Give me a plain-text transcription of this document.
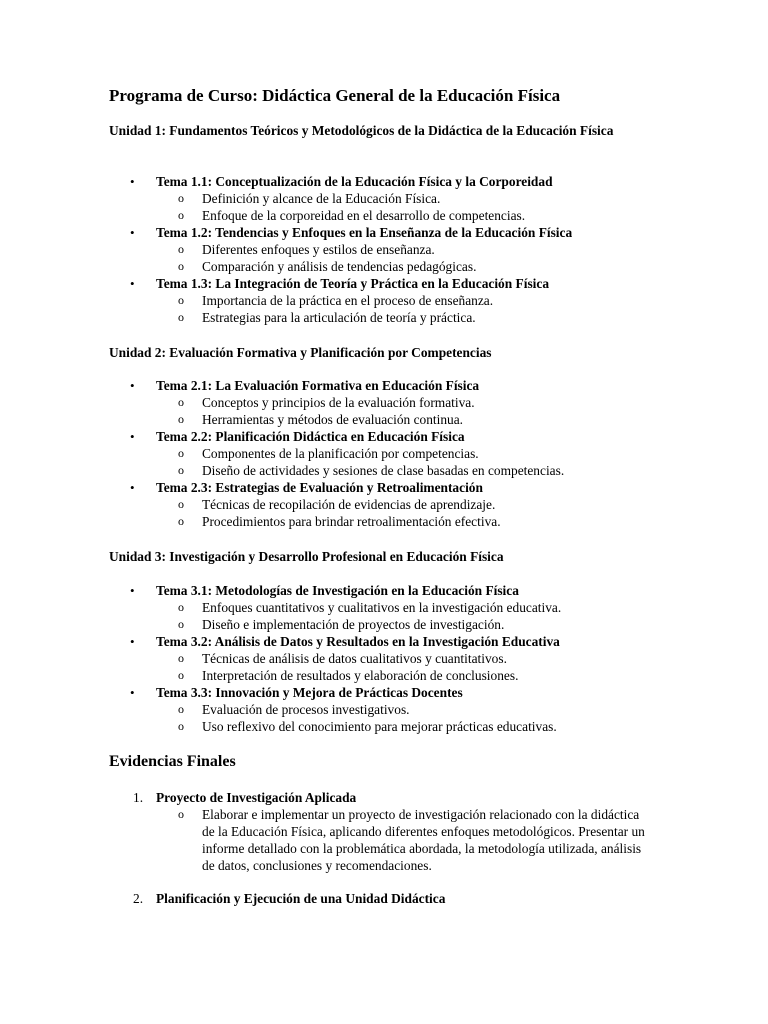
Programa de Curso: Didáctica General de la Educación Física
Unidad 1: Fundamentos Teóricos y Metodológicos de la Didáctica de la Educación Física
• Tema 1.1: Conceptualización de la Educación Física y la Corporeidad
o Definición y alcance de la Educación Física.
o Enfoque de la corporeidad en el desarrollo de competencias.
• Tema 1.2: Tendencias y Enfoques en la Enseñanza de la Educación Física
o Diferentes enfoques y estilos de enseñanza.
o Comparación y análisis de tendencias pedagógicas.
• Tema 1.3: La Integración de Teoría y Práctica en la Educación Física
o Importancia de la práctica en el proceso de enseñanza.
o Estrategias para la articulación de teoría y práctica.
Unidad 2: Evaluación Formativa y Planificación por Competencias
• Tema 2.1: La Evaluación Formativa en Educación Física
o Conceptos y principios de la evaluación formativa.
o Herramientas y métodos de evaluación continua.
• Tema 2.2: Planificación Didáctica en Educación Física
o Componentes de la planificación por competencias.
o Diseño de actividades y sesiones de clase basadas en competencias.
• Tema 2.3: Estrategias de Evaluación y Retroalimentación
o Técnicas de recopilación de evidencias de aprendizaje.
o Procedimientos para brindar retroalimentación efectiva.
Unidad 3: Investigación y Desarrollo Profesional en Educación Física
• Tema 3.1: Metodologías de Investigación en la Educación Física
o Enfoques cuantitativos y cualitativos en la investigación educativa.
o Diseño e implementación de proyectos de investigación.
• Tema 3.2: Análisis de Datos y Resultados en la Investigación Educativa
o Técnicas de análisis de datos cualitativos y cuantitativos.
o Interpretación de resultados y elaboración de conclusiones.
• Tema 3.3: Innovación y Mejora de Prácticas Docentes
o Evaluación de procesos investigativos.
o Uso reflexivo del conocimiento para mejorar prácticas educativas.
Evidencias Finales
1. Proyecto de Investigación Aplicada
o Elaborar e implementar un proyecto de investigación relacionado con la didáctica de la Educación Física, aplicando diferentes enfoques metodológicos. Presentar un informe detallado con la problemática abordada, la metodología utilizada, análisis de datos, conclusiones y recomendaciones.
2. Planificación y Ejecución de una Unidad Didáctica
